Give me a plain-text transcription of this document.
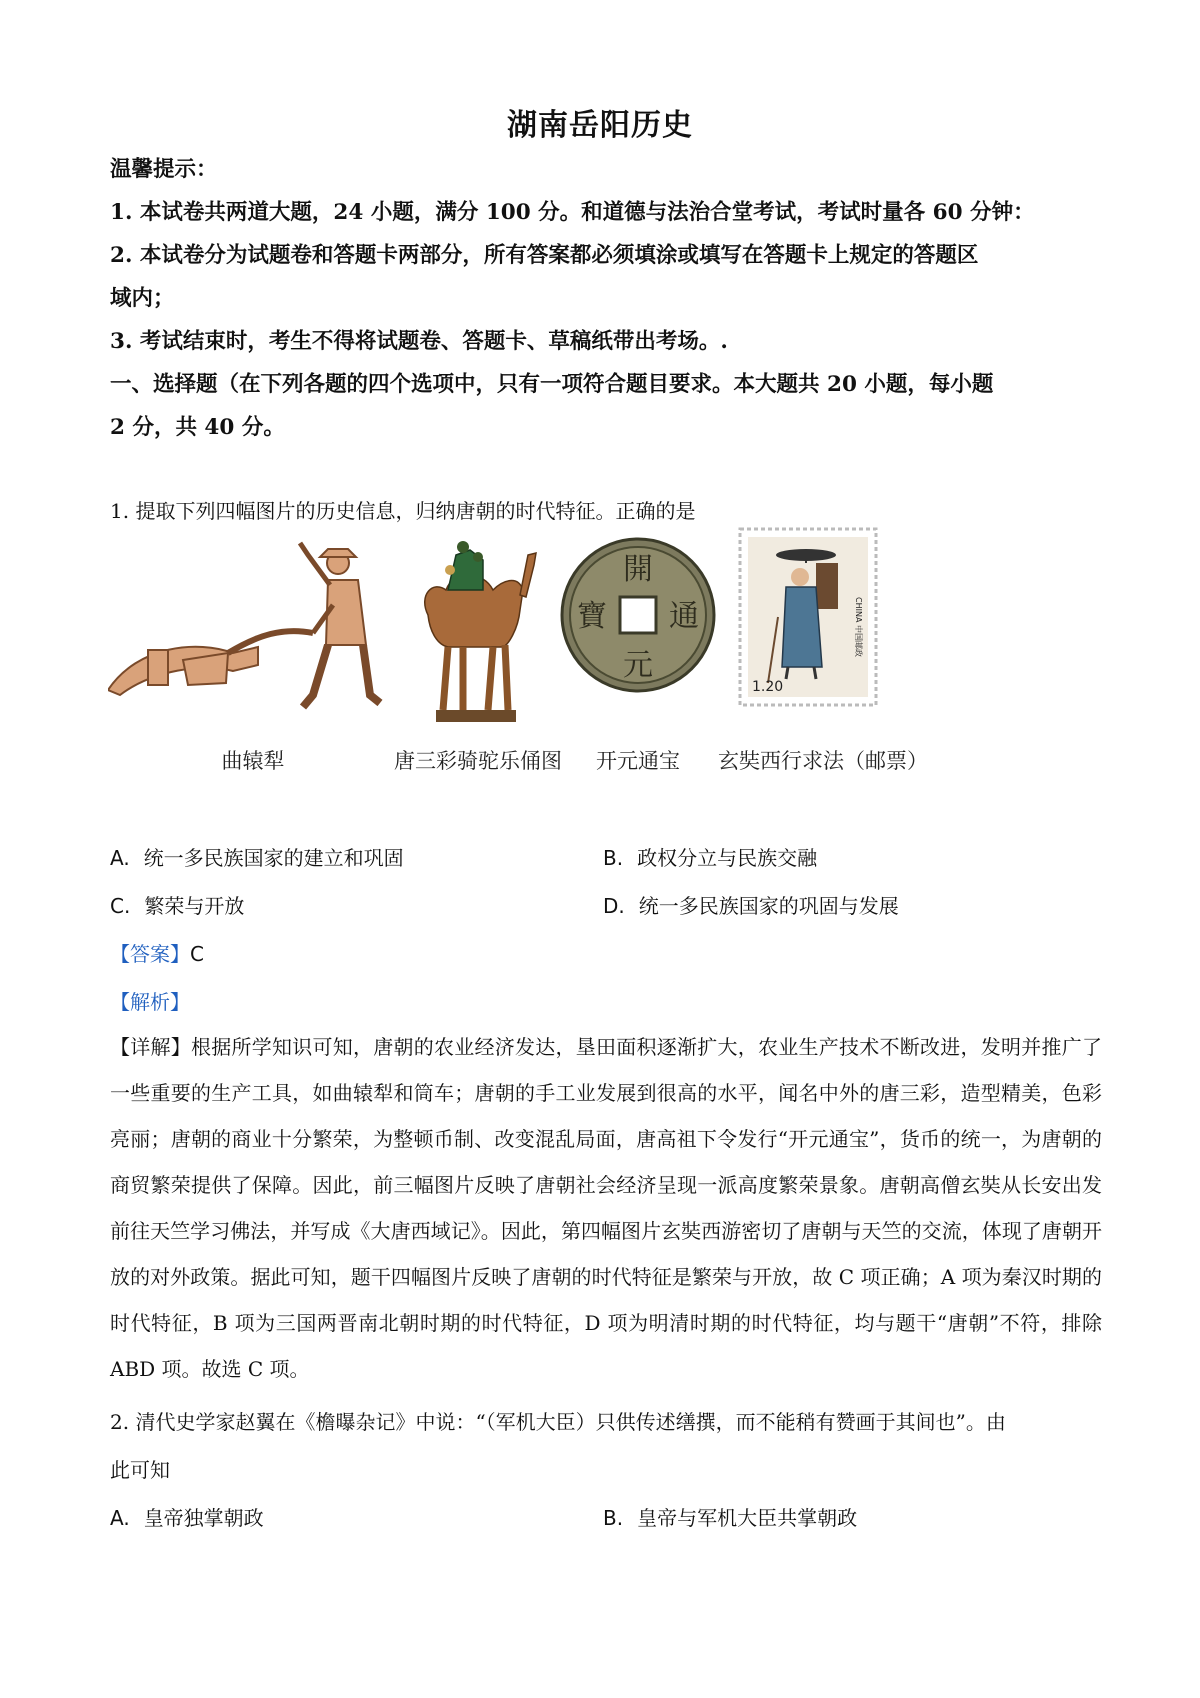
湖南岳阳历史
温馨提示：
1. 本试卷共两道大题，24 小题，满分 100 分。和道德与法治合堂考试，考试时量各 60 分钟：
2. 本试卷分为试题卷和答题卡两部分，所有答案都必须填涂或填写在答题卡上规定的答题区
域内；
3. 考试结束时，考生不得将试题卷、答题卡、草稿纸带出考场。.
一、选择题（在下列各题的四个选项中，只有一项符合题目要求。本大题共 20 小题，每小题
2 分，共 40 分。
1. 提取下列四幅图片的历史信息，归纳唐朝的时代特征。正确的是
開
通
元
寶
1.20
CHINA 中国邮政
曲辕犁	唐三彩骑驼乐俑图	开元通宝	玄奘西行求法（邮票）
A. 统一多民族国家的建立和巩固	B. 政权分立与民族交融
C. 繁荣与开放	D. 统一多民族国家的巩固与发展
【答案】C
【解析】
【详解】根据所学知识可知，唐朝的农业经济发达，垦田面积逐渐扩大，农业生产技术不断改进，发明并推广了一些重要的生产工具，如曲辕犁和筒车；唐朝的手工业发展到很高的水平，闻名中外的唐三彩，造型精美，色彩亮丽；唐朝的商业十分繁荣，为整顿币制、改变混乱局面，唐高祖下令发行“开元通宝”，货币的统一，为唐朝的商贸繁荣提供了保障。因此，前三幅图片反映了唐朝社会经济呈现一派高度繁荣景象。唐朝高僧玄奘从长安出发前往天竺学习佛法，并写成《大唐西域记》。因此，第四幅图片玄奘西游密切了唐朝与天竺的交流，体现了唐朝开放的对外政策。据此可知，题干四幅图片反映了唐朝的时代特征是繁荣与开放，故 C 项正确；A 项为秦汉时期的时代特征，B 项为三国两晋南北朝时期的时代特征，D 项为明清时期的时代特征，均与题干“唐朝”不符，排除 ABD 项。故选 C 项。
2. 清代史学家赵翼在《檐曝杂记》中说：“（军机大臣）只供传述缮撰，而不能稍有赞画于其间也”。由
此可知
A. 皇帝独掌朝政	B. 皇帝与军机大臣共掌朝政
